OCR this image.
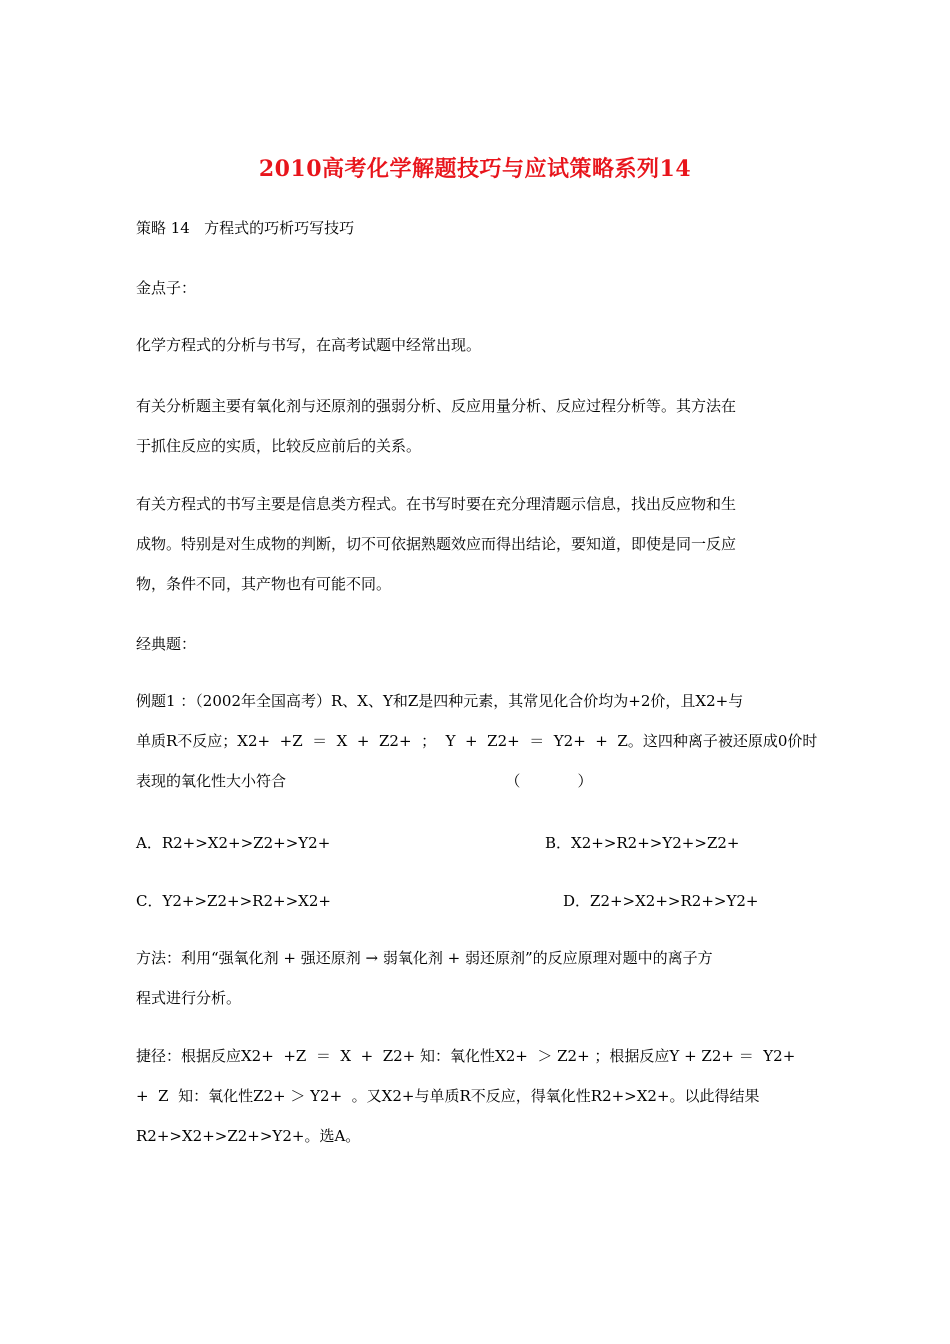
2010高考化学解题技巧与应试策略系列14
策略 14   方程式的巧析巧写技巧
金点子：
化学方程式的分析与书写，在高考试题中经常出现。
有关分析题主要有氧化剂与还原剂的强弱分析、反应用量分析、反应过程分析等。其方法在
于抓住反应的实质，比较反应前后的关系。
有关方程式的书写主要是信息类方程式。在书写时要在充分理清题示信息，找出反应物和生
成物。特别是对生成物的判断，切不可依据熟题效应而得出结论，要知道，即使是同一反应
物，条件不同，其产物也有可能不同。
经典题：
例题1 ：（2002年全国高考）R、X、Y和Z是四种元素，其常见化合价均为+2价，且X2+与
单质R不反应；X2+  +Z  ＝  X  +  Z2+  ；  Y  +  Z2+  ＝  Y2+  +  Z。这四种离子被还原成0价时
表现的氧化性大小符合                                              （            ）
A．R2+>X2+>Z2+>Y2+	B．X2+>R2+>Y2+>Z2+
C．Y2+>Z2+>R2+>X2+	D．Z2+>X2+>R2+>Y2+
方法：利用“强氧化剂 + 强还原剂 → 弱氧化剂 + 弱还原剂”的反应原理对题中的离子方
程式进行分析。
捷径：根据反应X2+  +Z  ＝  X  +  Z2+ 知：氧化性X2+  ＞ Z2+ ；根据反应Y + Z2+ ＝  Y2+
+  Z  知：氧化性Z2+ ＞ Y2+  。又X2+与单质R不反应，得氧化性R2+>X2+。以此得结果
R2+>X2+>Z2+>Y2+。选A。
